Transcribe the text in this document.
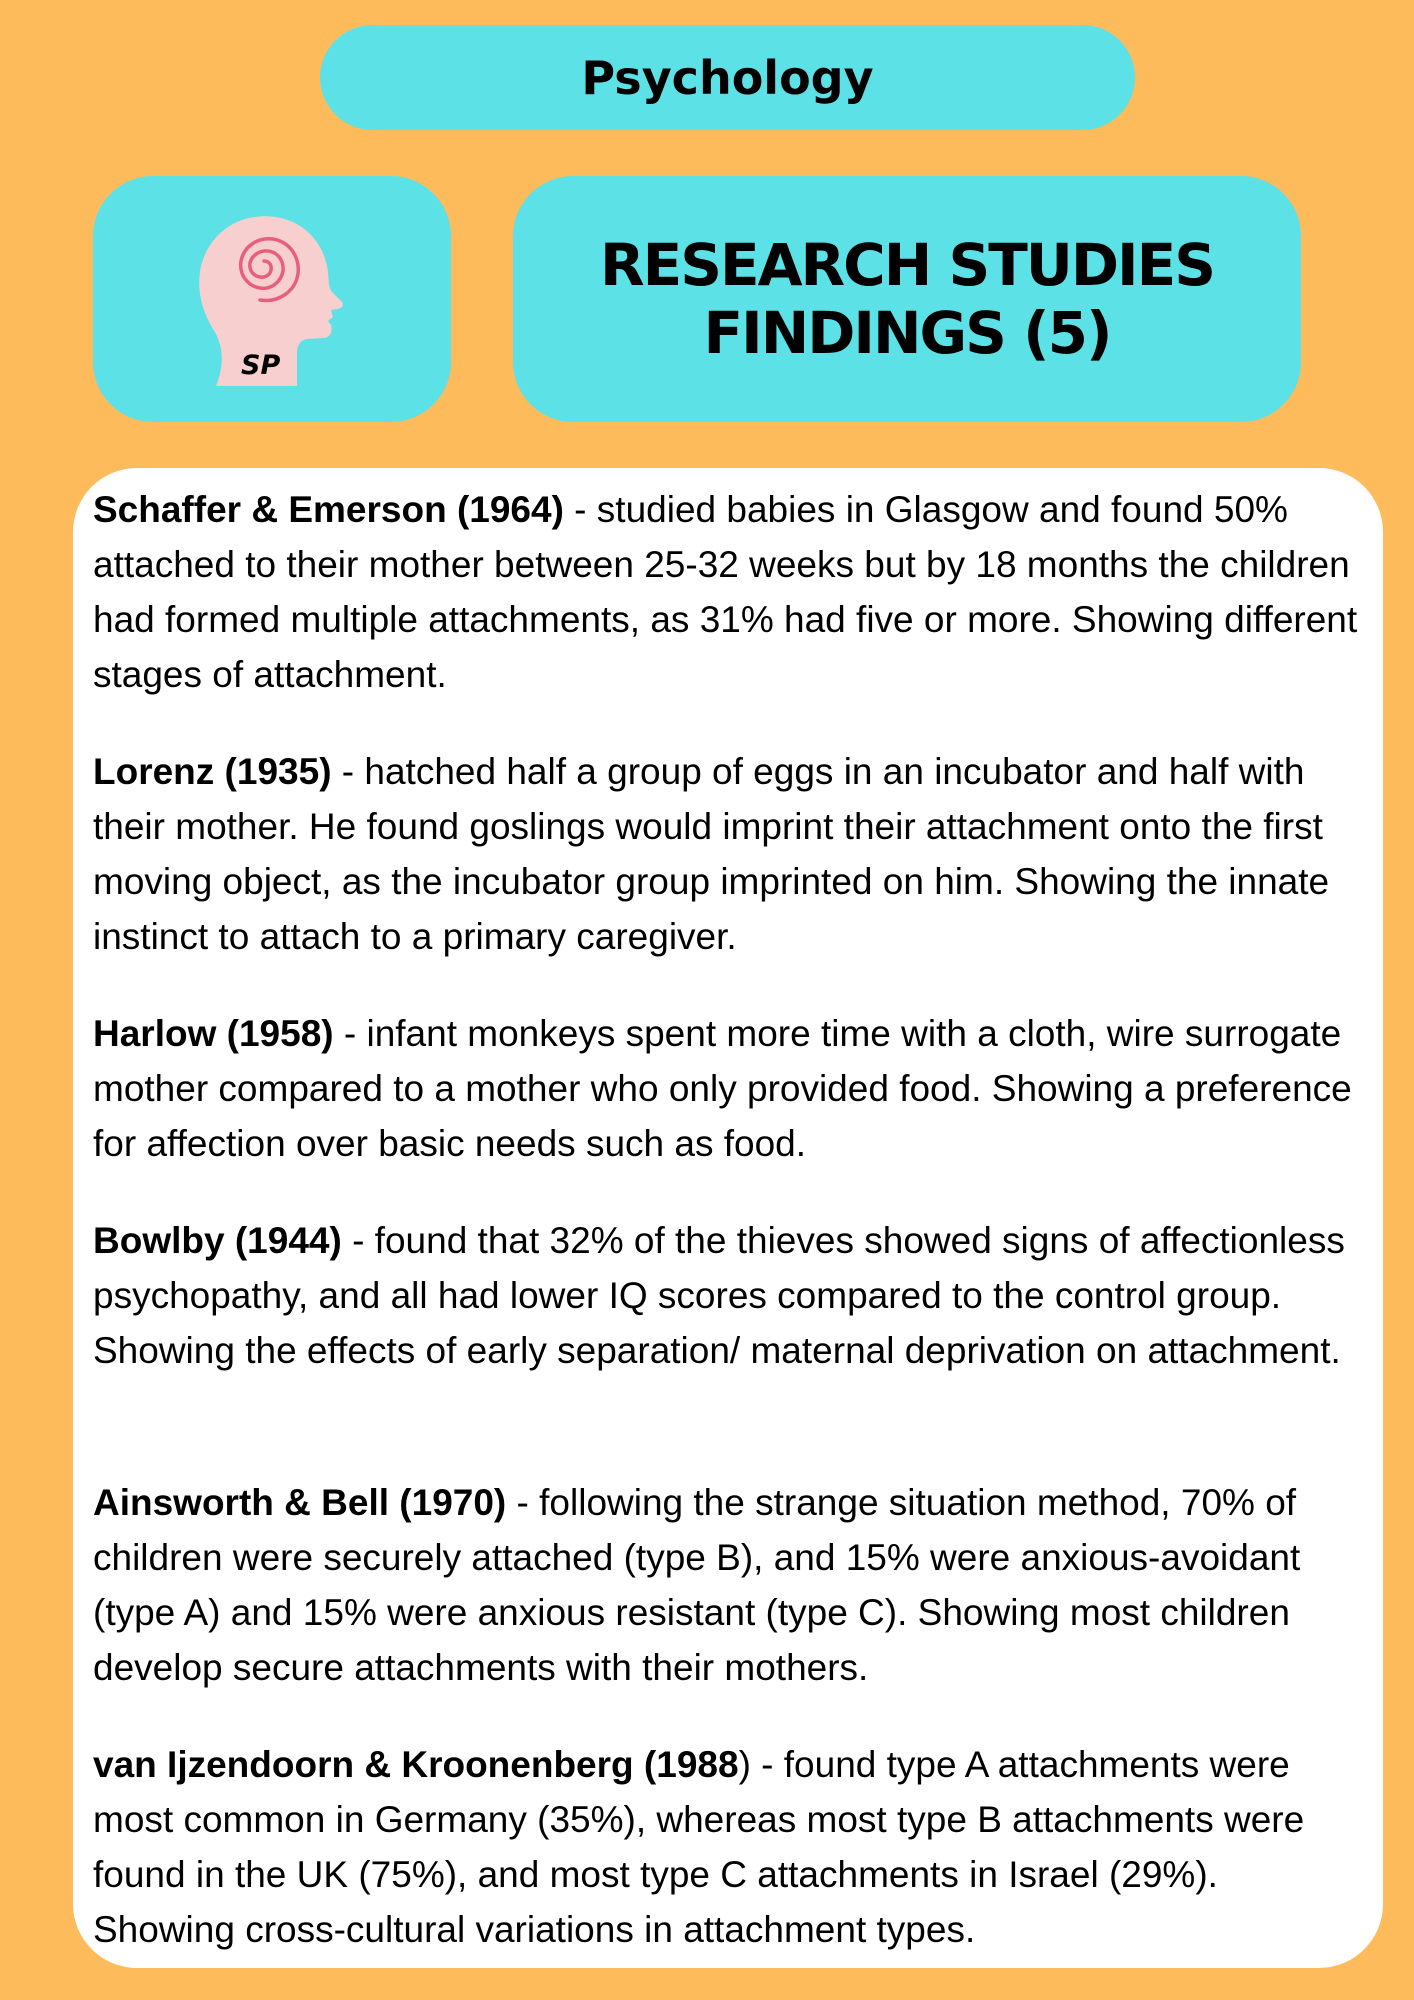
Psychology
SP
RESEARCH STUDIES
FINDINGS (5)

Schaffer & Emerson (1964) - studied babies in Glasgow and found 50% attached to their mother between 25-32 weeks but by 18 months the children had formed multiple attachments, as 31% had five or more. Showing different stages of attachment.

Lorenz (1935) - hatched half a group of eggs in an incubator and half with their mother. He found goslings would imprint their attachment onto the first moving object, as the incubator group imprinted on him. Showing the innate instinct to attach to a primary caregiver.

Harlow (1958) - infant monkeys spent more time with a cloth, wire surrogate mother compared to a mother who only provided food. Showing a preference for affection over basic needs such as food.

Bowlby (1944) - found that 32% of the thieves showed signs of affectionless psychopathy, and all had lower IQ scores compared to the control group. Showing the effects of early separation/ maternal deprivation on attachment.

Ainsworth & Bell (1970) - following the strange situation method, 70% of children were securely attached (type B), and 15% were anxious-avoidant (type A) and 15% were anxious resistant (type C). Showing most children develop secure attachments with their mothers.

van Ijzendoorn & Kroonenberg (1988) - found type A attachments were most common in Germany (35%), whereas most type B attachments were found in the UK (75%), and most type C attachments in Israel (29%). Showing cross-cultural variations in attachment types.
